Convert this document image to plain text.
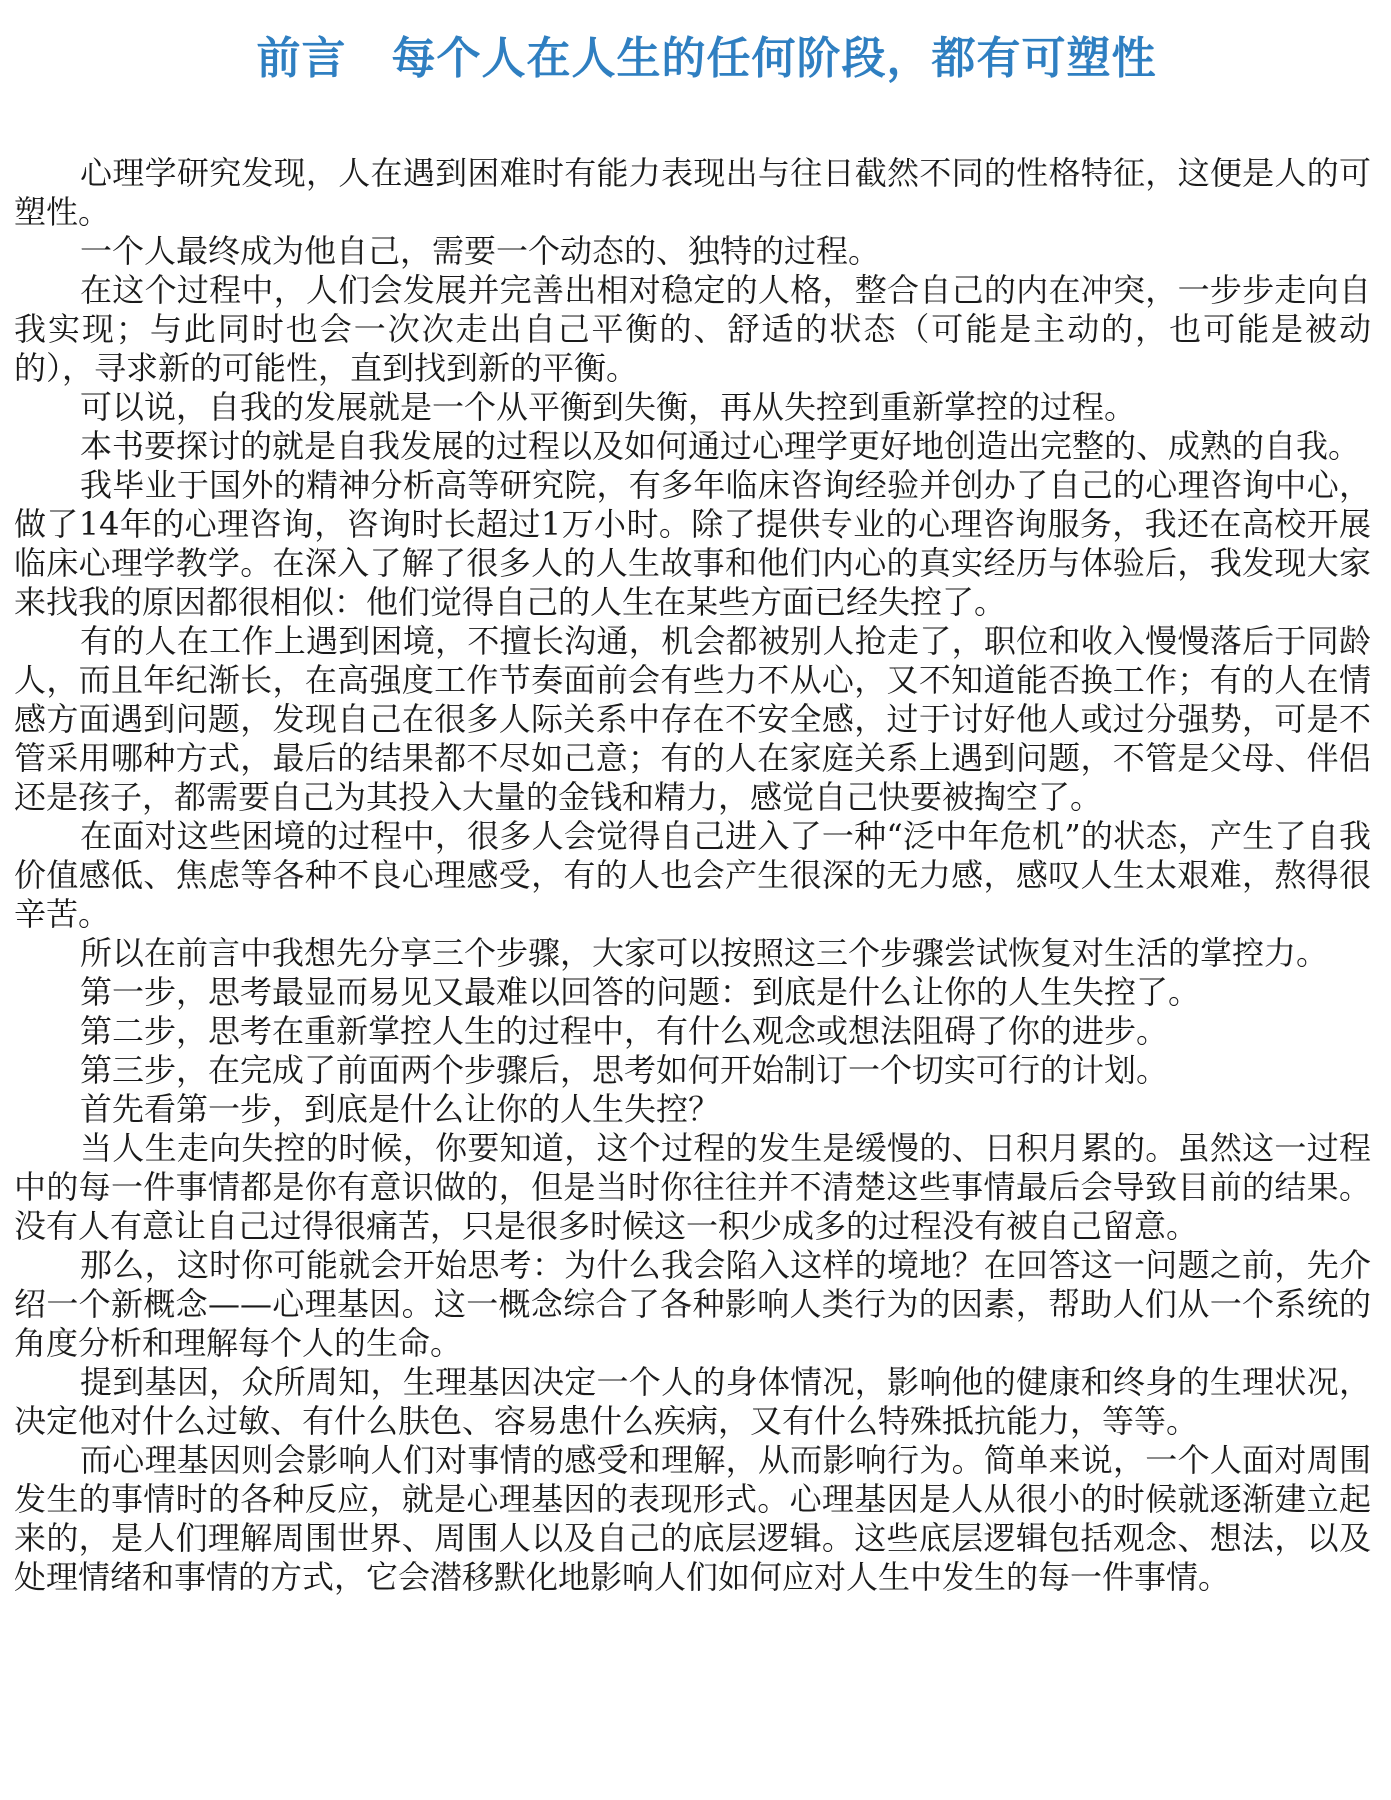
前言　每个人在人生的任何阶段，都有可塑性

心理学研究发现，人在遇到困难时有能力表现出与往日截然不同的性格特征，这便是人的可塑性。

一个人最终成为他自己，需要一个动态的、独特的过程。

在这个过程中，人们会发展并完善出相对稳定的人格，整合自己的内在冲突，一步步走向自我实现；与此同时也会一次次走出自己平衡的、舒适的状态（可能是主动的，也可能是被动的），寻求新的可能性，直到找到新的平衡。

可以说，自我的发展就是一个从平衡到失衡，再从失控到重新掌控的过程。

本书要探讨的就是自我发展的过程以及如何通过心理学更好地创造出完整的、成熟的自我。

我毕业于国外的精神分析高等研究院，有多年临床咨询经验并创办了自己的心理咨询中心，做了14年的心理咨询，咨询时长超过1万小时。除了提供专业的心理咨询服务，我还在高校开展临床心理学教学。在深入了解了很多人的人生故事和他们内心的真实经历与体验后，我发现大家来找我的原因都很相似：他们觉得自己的人生在某些方面已经失控了。

有的人在工作上遇到困境，不擅长沟通，机会都被别人抢走了，职位和收入慢慢落后于同龄人，而且年纪渐长，在高强度工作节奏面前会有些力不从心，又不知道能否换工作；有的人在情感方面遇到问题，发现自己在很多人际关系中存在不安全感，过于讨好他人或过分强势，可是不管采用哪种方式，最后的结果都不尽如己意；有的人在家庭关系上遇到问题，不管是父母、伴侣还是孩子，都需要自己为其投入大量的金钱和精力，感觉自己快要被掏空了。

在面对这些困境的过程中，很多人会觉得自己进入了一种“泛中年危机”的状态，产生了自我价值感低、焦虑等各种不良心理感受，有的人也会产生很深的无力感，感叹人生太艰难，熬得很辛苦。

所以在前言中我想先分享三个步骤，大家可以按照这三个步骤尝试恢复对生活的掌控力。

第一步，思考最显而易见又最难以回答的问题：到底是什么让你的人生失控了。

第二步，思考在重新掌控人生的过程中，有什么观念或想法阻碍了你的进步。

第三步，在完成了前面两个步骤后，思考如何开始制订一个切实可行的计划。

首先看第一步，到底是什么让你的人生失控？

当人生走向失控的时候，你要知道，这个过程的发生是缓慢的、日积月累的。虽然这一过程中的每一件事情都是你有意识做的，但是当时你往往并不清楚这些事情最后会导致目前的结果。没有人有意让自己过得很痛苦，只是很多时候这一积少成多的过程没有被自己留意。

那么，这时你可能就会开始思考：为什么我会陷入这样的境地？在回答这一问题之前，先介绍一个新概念——心理基因。这一概念综合了各种影响人类行为的因素，帮助人们从一个系统的角度分析和理解每个人的生命。

提到基因，众所周知，生理基因决定一个人的身体情况，影响他的健康和终身的生理状况，决定他对什么过敏、有什么肤色、容易患什么疾病，又有什么特殊抵抗能力，等等。

而心理基因则会影响人们对事情的感受和理解，从而影响行为。简单来说，一个人面对周围发生的事情时的各种反应，就是心理基因的表现形式。心理基因是人从很小的时候就逐渐建立起来的，是人们理解周围世界、周围人以及自己的底层逻辑。这些底层逻辑包括观念、想法，以及处理情绪和事情的方式，它会潜移默化地影响人们如何应对人生中发生的每一件事情。
